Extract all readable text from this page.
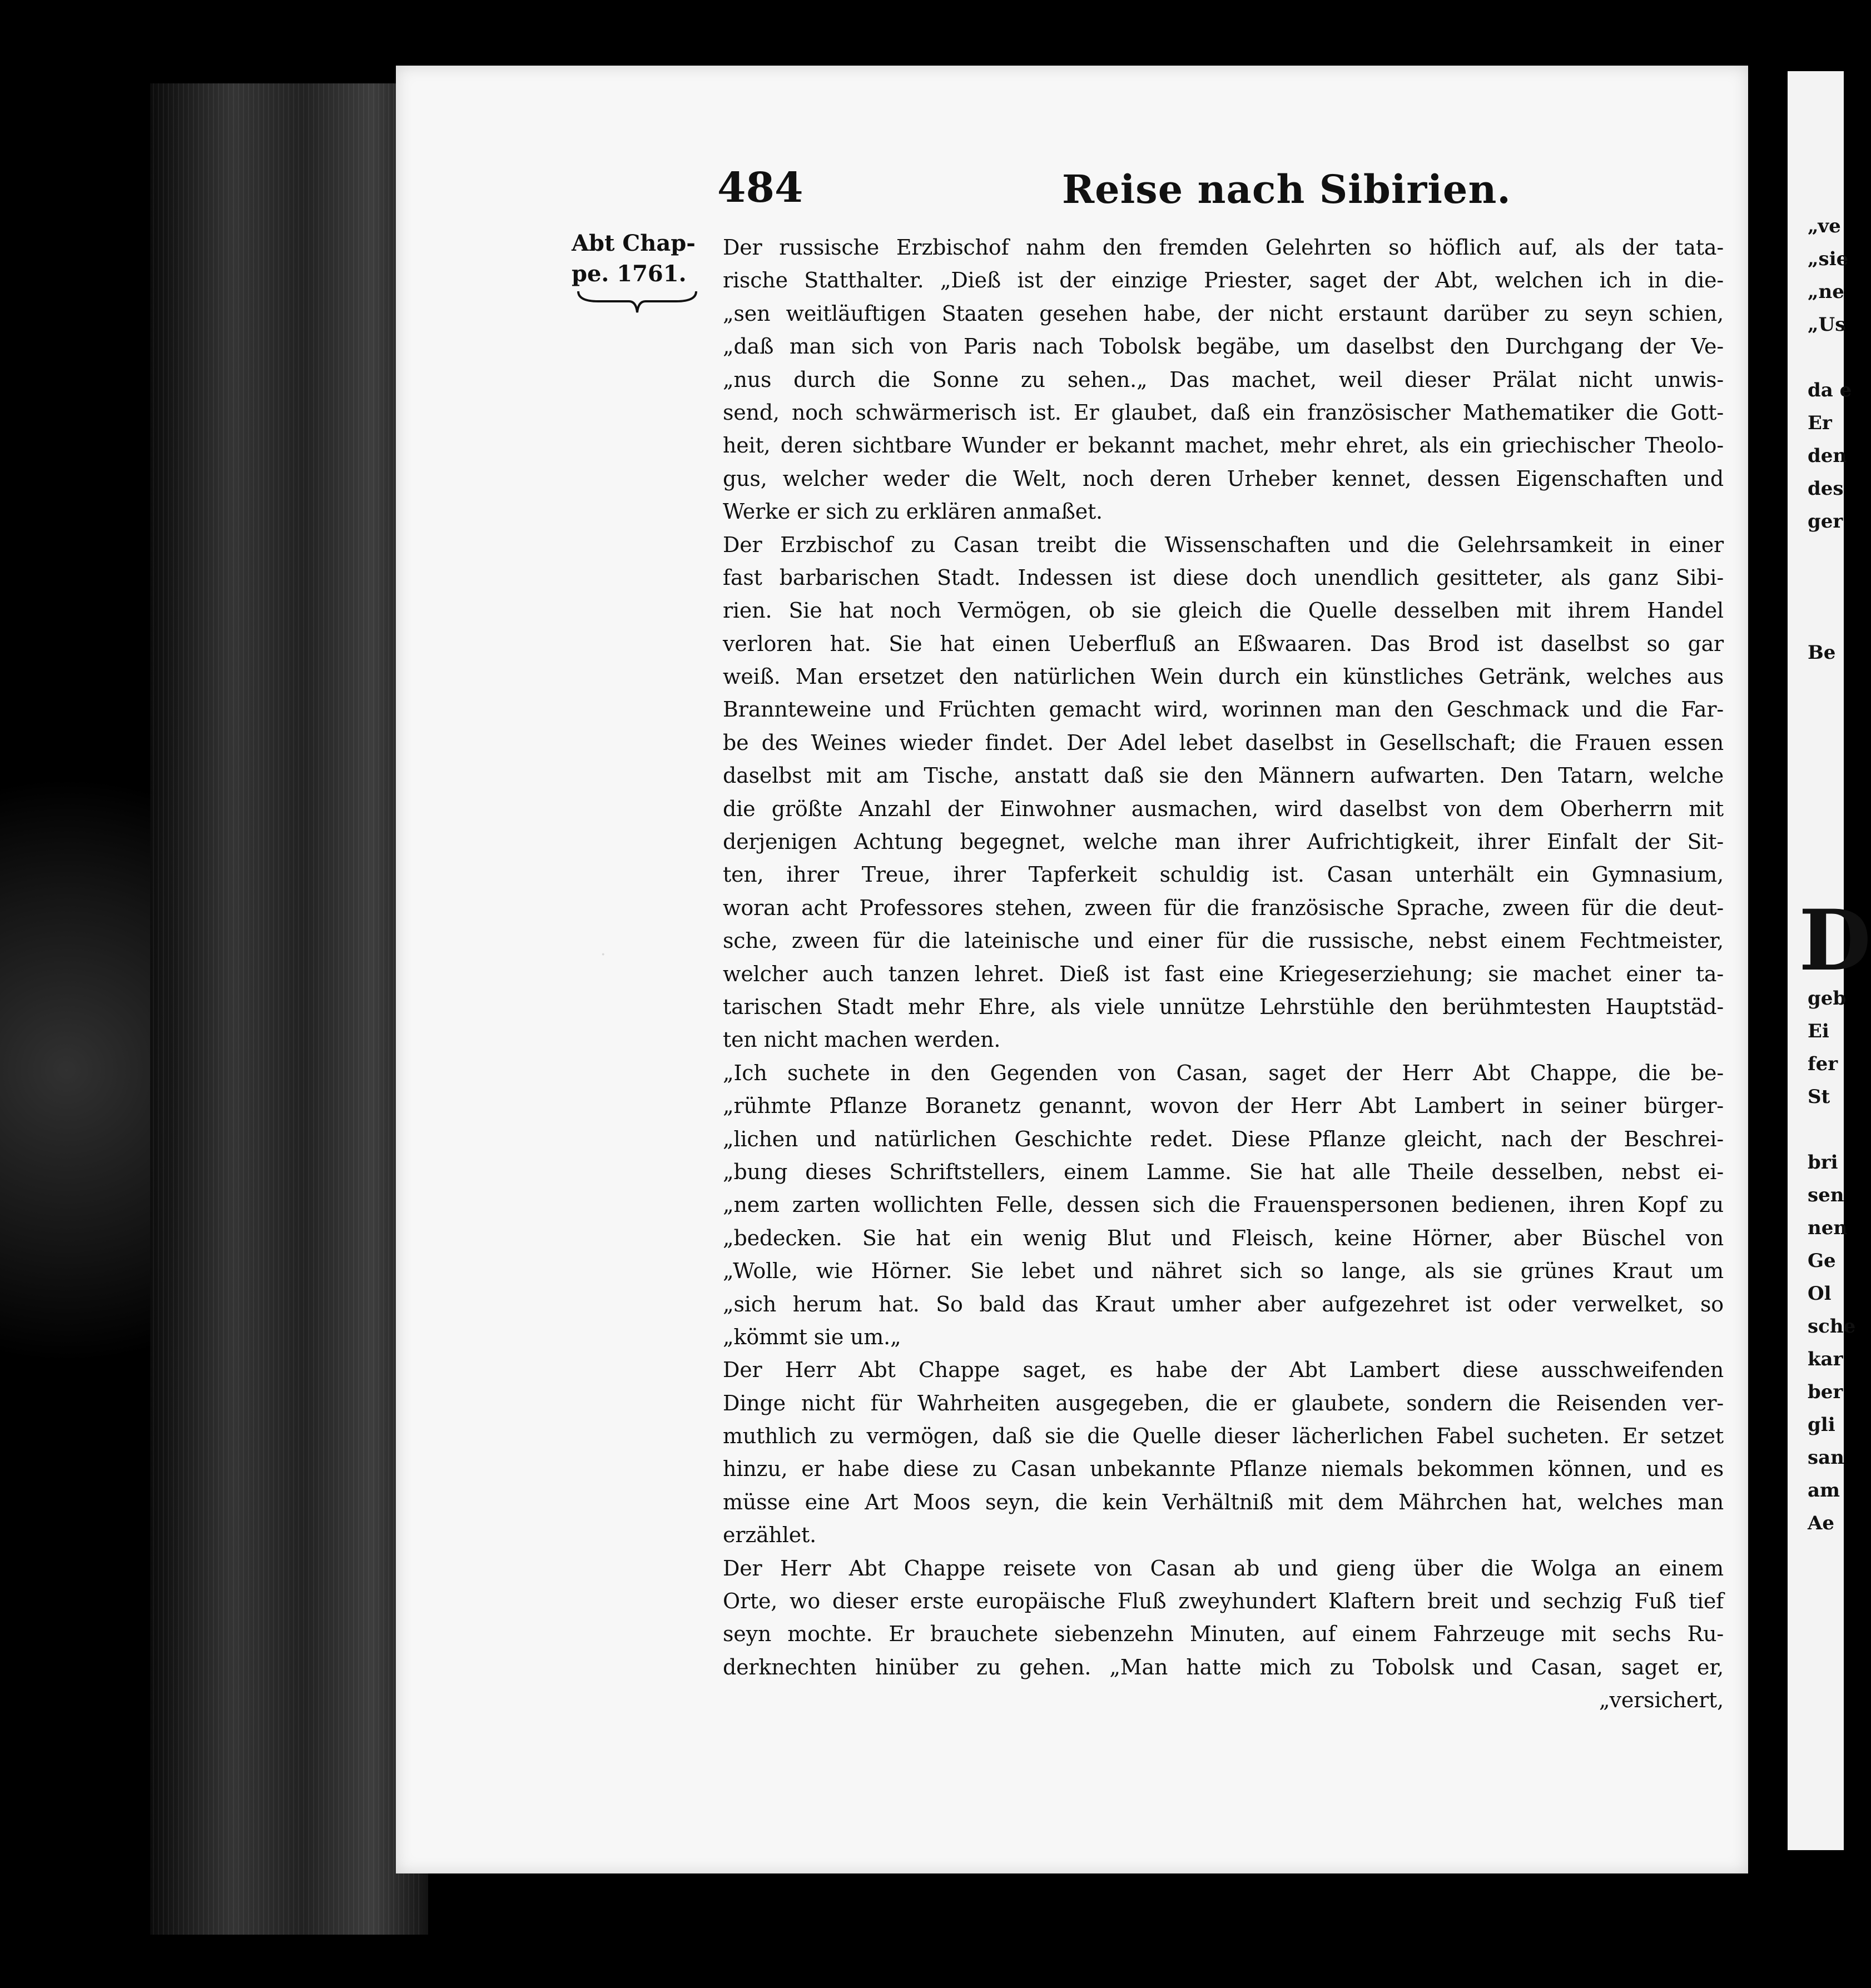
484	Reise nach Sibirien.
Abt Chap-
pe. 1761.
Der russische Erzbischof nahm den fremden Gelehrten so höflich auf, als der tata-
rische Statthalter. „Dieß ist der einzige Priester, saget der Abt, welchen ich in die-
„sen weitläuftigen Staaten gesehen habe, der nicht erstaunt darüber zu seyn schien,
„daß man sich von Paris nach Tobolsk begäbe, um daselbst den Durchgang der Ve-
„nus durch die Sonne zu sehen.„ Das machet, weil dieser Prälat nicht unwis-
send, noch schwärmerisch ist. Er glaubet, daß ein französischer Mathematiker die Gott-
heit, deren sichtbare Wunder er bekannt machet, mehr ehret, als ein griechischer Theolo-
gus, welcher weder die Welt, noch deren Urheber kennet, dessen Eigenschaften und
Werke er sich zu erklären anmaßet.
Der Erzbischof zu Casan treibt die Wissenschaften und die Gelehrsamkeit in einer
fast barbarischen Stadt. Indessen ist diese doch unendlich gesitteter, als ganz Sibi-
rien. Sie hat noch Vermögen, ob sie gleich die Quelle desselben mit ihrem Handel
verloren hat. Sie hat einen Ueberfluß an Eßwaaren. Das Brod ist daselbst so gar
weiß. Man ersetzet den natürlichen Wein durch ein künstliches Getränk, welches aus
Brannteweine und Früchten gemacht wird, worinnen man den Geschmack und die Far-
be des Weines wieder findet. Der Adel lebet daselbst in Gesellschaft; die Frauen essen
daselbst mit am Tische, anstatt daß sie den Männern aufwarten. Den Tatarn, welche
die größte Anzahl der Einwohner ausmachen, wird daselbst von dem Oberherrn mit
derjenigen Achtung begegnet, welche man ihrer Aufrichtigkeit, ihrer Einfalt der Sit-
ten, ihrer Treue, ihrer Tapferkeit schuldig ist. Casan unterhält ein Gymnasium,
woran acht Professores stehen, zween für die französische Sprache, zween für die deut-
sche, zween für die lateinische und einer für die russische, nebst einem Fechtmeister,
welcher auch tanzen lehret. Dieß ist fast eine Kriegeserziehung; sie machet einer ta-
tarischen Stadt mehr Ehre, als viele unnütze Lehrstühle den berühmtesten Hauptstäd-
ten nicht machen werden.
„Ich suchete in den Gegenden von Casan, saget der Herr Abt Chappe, die be-
„rühmte Pflanze Boranetz genannt, wovon der Herr Abt Lambert in seiner bürger-
„lichen und natürlichen Geschichte redet. Diese Pflanze gleicht, nach der Beschrei-
„bung dieses Schriftstellers, einem Lamme. Sie hat alle Theile desselben, nebst ei-
„nem zarten wollichten Felle, dessen sich die Frauenspersonen bedienen, ihren Kopf zu
„bedecken. Sie hat ein wenig Blut und Fleisch, keine Hörner, aber Büschel von
„Wolle, wie Hörner. Sie lebet und nähret sich so lange, als sie grünes Kraut um
„sich herum hat. So bald das Kraut umher aber aufgezehret ist oder verwelket, so
„kömmt sie um.„
Der Herr Abt Chappe saget, es habe der Abt Lambert diese ausschweifenden
Dinge nicht für Wahrheiten ausgegeben, die er glaubete, sondern die Reisenden ver-
muthlich zu vermögen, daß sie die Quelle dieser lächerlichen Fabel sucheten. Er setzet
hinzu, er habe diese zu Casan unbekannte Pflanze niemals bekommen können, und es
müsse eine Art Moos seyn, die kein Verhältniß mit dem Mährchen hat, welches man
erzählet.
Der Herr Abt Chappe reisete von Casan ab und gieng über die Wolga an einem
Orte, wo dieser erste europäische Fluß zweyhundert Klaftern breit und sechzig Fuß tief
seyn mochte. Er brauchete siebenzehn Minuten, auf einem Fahrzeuge mit sechs Ru-
derknechten hinüber zu gehen. „Man hatte mich zu Tobolsk und Casan, saget er,
„versichert,
„ve
„sie
„ne
„Us

da e
Er
den
des
ger

Be

D
geb
Ei
fer
St

bri
sen
nen
Ge
Ol
sche
kar
ber
gli
san
am
Ae
·
